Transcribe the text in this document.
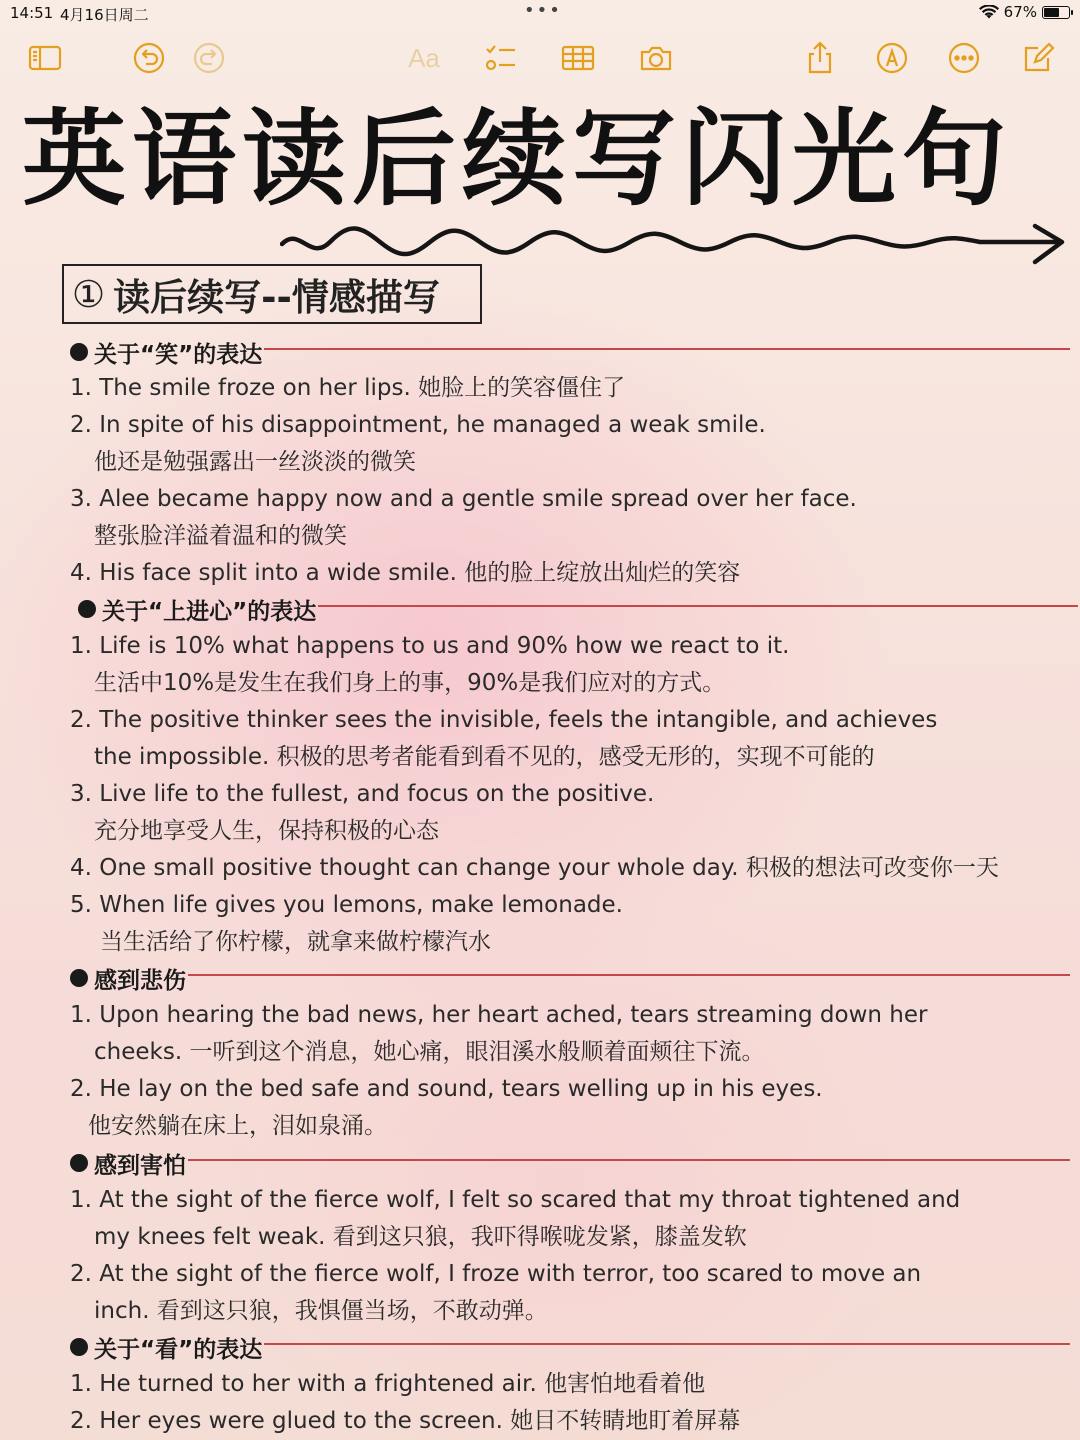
14:51 4月16日周二	•••	67%
Aa
英语读后续写闪光句
① 读后续写--情感描写
关于“笑”的表达
1. The smile froze on her lips. 她脸上的笑容僵住了
2. In spite of his disappointment, he managed a weak smile.
他还是勉强露出一丝淡淡的微笑
3. Alee became happy now and a gentle smile spread over her face.
整张脸洋溢着温和的微笑
4. His face split into a wide smile. 他的脸上绽放出灿烂的笑容
关于“上进心”的表达
1. Life is 10% what happens to us and 90% how we react to it.
生活中10%是发生在我们身上的事，90%是我们应对的方式。
2. The positive thinker sees the invisible, feels the intangible, and achieves
the impossible. 积极的思考者能看到看不见的，感受无形的，实现不可能的
3. Live life to the fullest, and focus on the positive.
充分地享受人生，保持积极的心态
4. One small positive thought can change your whole day. 积极的想法可改变你一天
5. When life gives you lemons, make lemonade.
当生活给了你柠檬，就拿来做柠檬汽水
感到悲伤
1. Upon hearing the bad news, her heart ached, tears streaming down her
cheeks. 一听到这个消息，她心痛，眼泪溪水般顺着面颊往下流。
2. He lay on the bed safe and sound, tears welling up in his eyes.
他安然躺在床上，泪如泉涌。
感到害怕
1. At the sight of the fierce wolf, I felt so scared that my throat tightened and
my knees felt weak. 看到这只狼，我吓得喉咙发紧，膝盖发软
2. At the sight of the fierce wolf, I froze with terror, too scared to move an
inch. 看到这只狼，我惧僵当场，不敢动弹。
关于“看”的表达
1. He turned to her with a frightened air. 他害怕地看着他
2. Her eyes were glued to the screen. 她目不转睛地盯着屏幕
